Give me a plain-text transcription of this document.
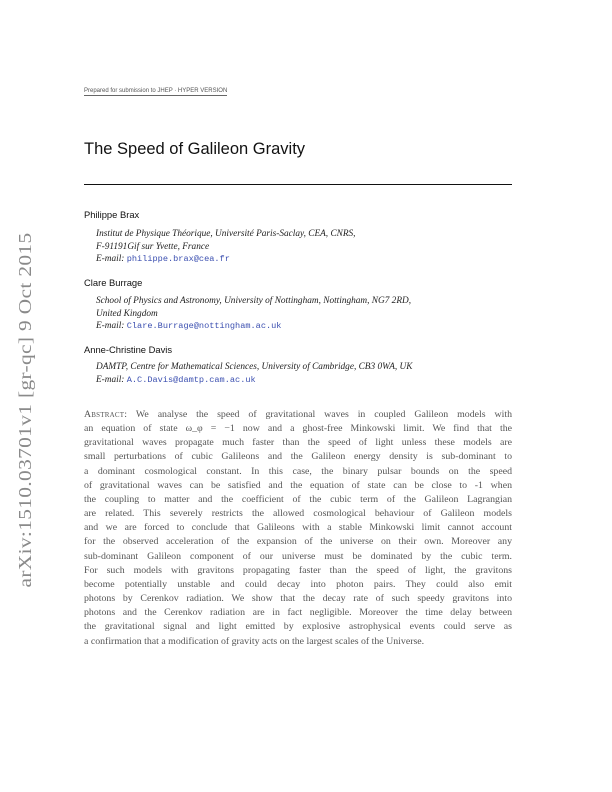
arXiv:1510.03701v1 [gr-qc] 9 Oct 2015
Prepared for submission to JHEP · HYPER VERSION
The Speed of Galileon Gravity
Philippe Brax
Institut de Physique Théorique, Université Paris-Saclay, CEA, CNRS,
F-91191Gif sur Yvette, France
E-mail: philippe.brax@cea.fr
Clare Burrage
School of Physics and Astronomy, University of Nottingham, Nottingham, NG7 2RD,
United Kingdom
E-mail: Clare.Burrage@nottingham.ac.uk
Anne-Christine Davis
DAMTP, Centre for Mathematical Sciences, University of Cambridge, CB3 0WA, UK
E-mail: A.C.Davis@damtp.cam.ac.uk
Abstract: We analyse the speed of gravitational waves in coupled Galileon models with
an equation of state ω_φ = −1 now and a ghost-free Minkowski limit. We find that the
gravitational waves propagate much faster than the speed of light unless these models are
small perturbations of cubic Galileons and the Galileon energy density is sub-dominant to
a dominant cosmological constant. In this case, the binary pulsar bounds on the speed
of gravitational waves can be satisfied and the equation of state can be close to -1 when
the coupling to matter and the coefficient of the cubic term of the Galileon Lagrangian
are related. This severely restricts the allowed cosmological behaviour of Galileon models
and we are forced to conclude that Galileons with a stable Minkowski limit cannot account
for the observed acceleration of the expansion of the universe on their own. Moreover any
sub-dominant Galileon component of our universe must be dominated by the cubic term.
For such models with gravitons propagating faster than the speed of light, the gravitons
become potentially unstable and could decay into photon pairs. They could also emit
photons by Cerenkov radiation. We show that the decay rate of such speedy gravitons into
photons and the Cerenkov radiation are in fact negligible. Moreover the time delay between
the gravitational signal and light emitted by explosive astrophysical events could serve as
a confirmation that a modification of gravity acts on the largest scales of the Universe.
